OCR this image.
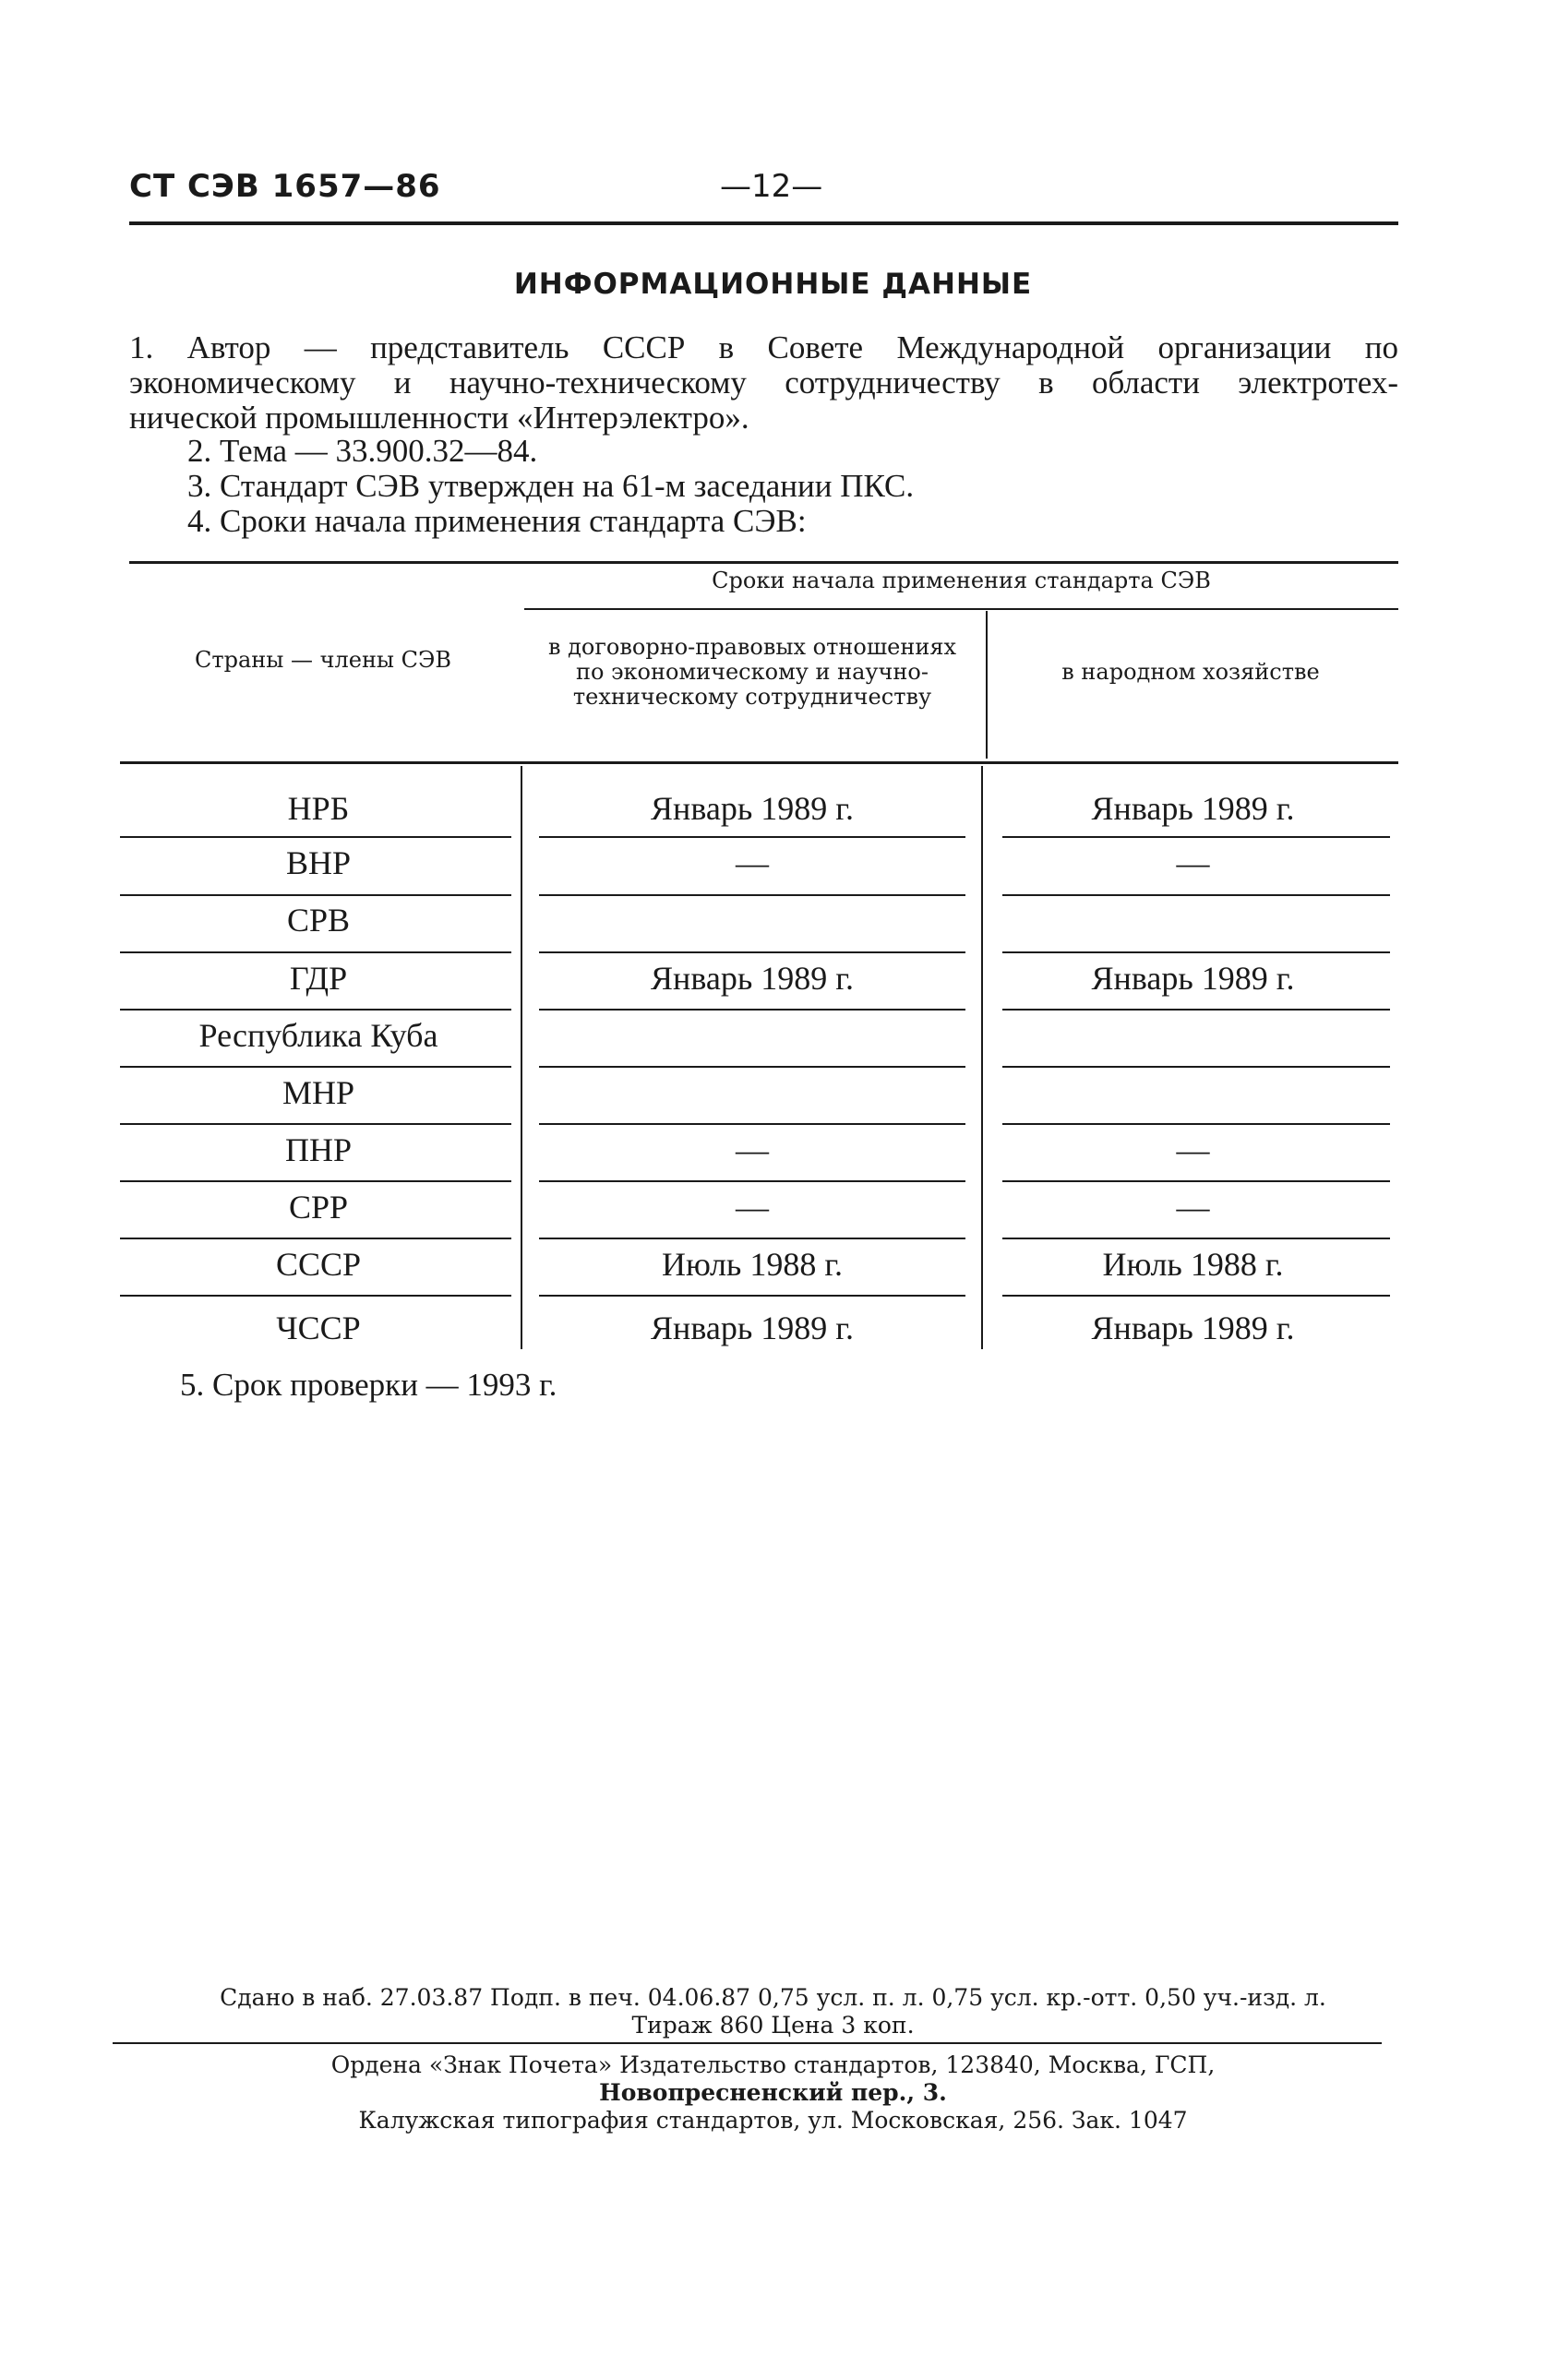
СТ СЭВ 1657—86	—12—
ИНФОРМАЦИОННЫЕ ДАННЫЕ
1. Автор — представитель СССР в Совете Международной организации по
экономическому и научно-техническому сотрудничеству в области электротех-
нической промышленности «Интерэлектро».
2. Тема — 33.900.32—84.
3. Стандарт СЭВ утвержден на 61-м заседании ПКС.
4. Сроки начала применения стандарта СЭВ:
Сроки начала применения стандарта СЭВ
Страны — члены СЭВ	в договорно-правовых отношениях по экономическому и научно-техническому сотрудничеству
в народном хозяйстве
НРБ	Январь 1989 г.	Январь 1989 г.
ВНР	—	—
СРВ
ГДР	Январь 1989 г.	Январь 1989 г.
Республика Куба
МНР
ПНР	—	—
СРР	—	—
СССР	Июль 1988 г.	Июль 1988 г.
ЧССР	Январь 1989 г.	Январь 1989 г.
5. Срок проверки — 1993 г.
Сдано в наб. 27.03.87 Подп. в печ. 04.06.87 0,75 усл. п. л. 0,75 усл. кр.-отт. 0,50 уч.-изд. л.
Тираж 860 Цена 3 коп.
Ордена «Знак Почета» Издательство стандартов, 123840, Москва, ГСП,
Новопресненский пер., 3.
Калужская типография стандартов, ул. Московская, 256. Зак. 1047
